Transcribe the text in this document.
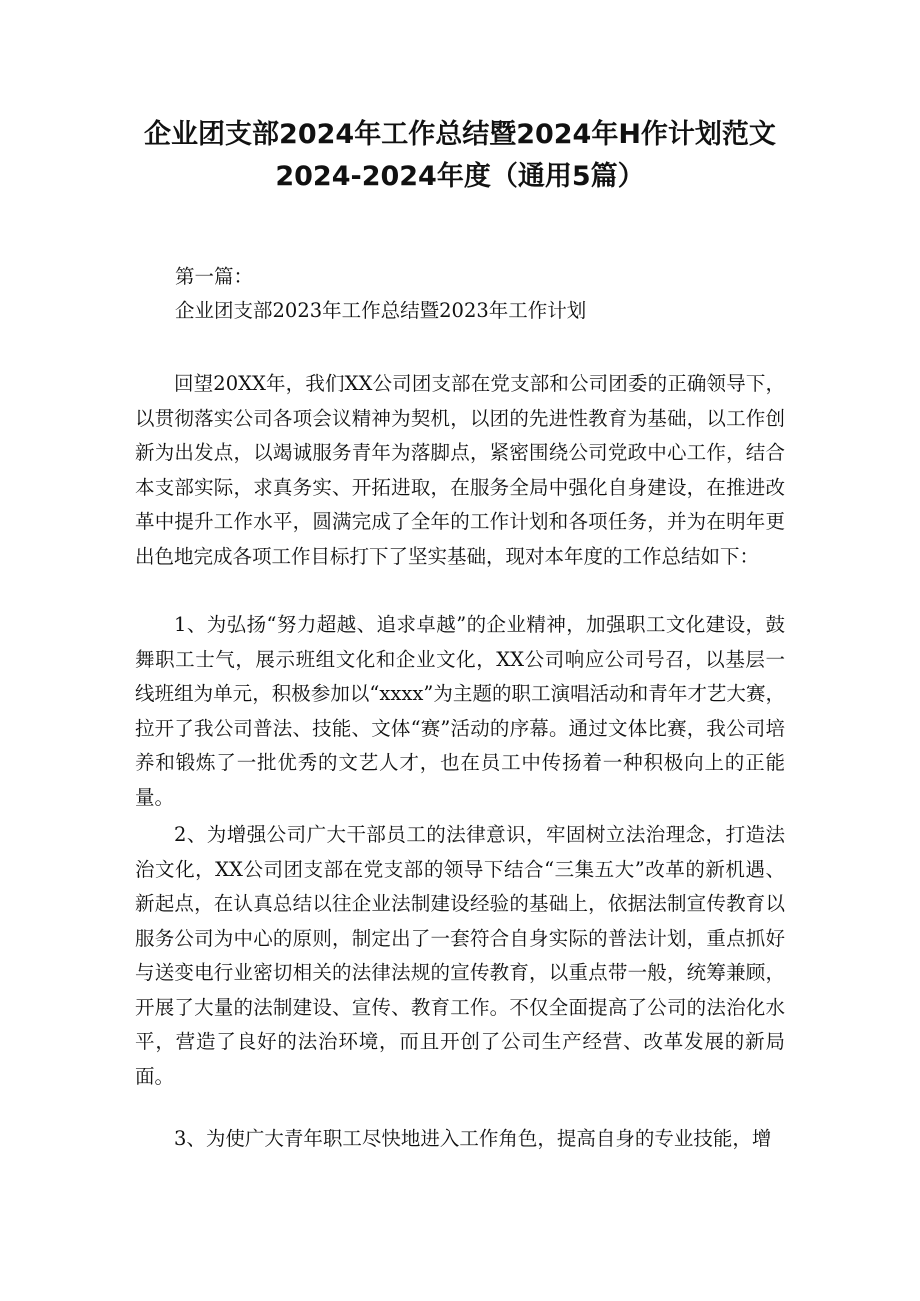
企业团支部2024年工作总结暨2024年H作计划范文
2024-2024年度（通用5篇）
第一篇：
企业团支部2023年工作总结暨2023年工作计划

回望20XX年，我们XX公司团支部在党支部和公司团委的正确领导下，以贯彻落实公司各项会议精神为契机，以团的先进性教育为基础，以工作创新为出发点，以竭诚服务青年为落脚点，紧密围绕公司党政中心工作，结合本支部实际，求真务实、开拓进取，在服务全局中强化自身建设，在推进改革中提升工作水平，圆满完成了全年的工作计划和各项任务，并为在明年更出色地完成各项工作目标打下了坚实基础，现对本年度的工作总结如下：

1、为弘扬“努力超越、追求卓越”的企业精神，加强职工文化建设，鼓舞职工士气，展示班组文化和企业文化，XX公司响应公司号召，以基层一线班组为单元，积极参加以“xxxx”为主题的职工演唱活动和青年才艺大赛，拉开了我公司普法、技能、文体“赛”活动的序幕。通过文体比赛，我公司培养和锻炼了一批优秀的文艺人才，也在员工中传扬着一种积极向上的正能量。

2、为增强公司广大干部员工的法律意识，牢固树立法治理念，打造法治文化，XX公司团支部在党支部的领导下结合“三集五大”改革的新机遇、新起点，在认真总结以往企业法制建设经验的基础上，依据法制宣传教育以服务公司为中心的原则，制定出了一套符合自身实际的普法计划，重点抓好与送变电行业密切相关的法律法规的宣传教育，以重点带一般，统筹兼顾，开展了大量的法制建设、宣传、教育工作。不仅全面提高了公司的法治化水平，营造了良好的法治环境，而且开创了公司生产经营、改革发展的新局面。

3、为使广大青年职工尽快地进入工作角色，提高自身的专业技能，增
